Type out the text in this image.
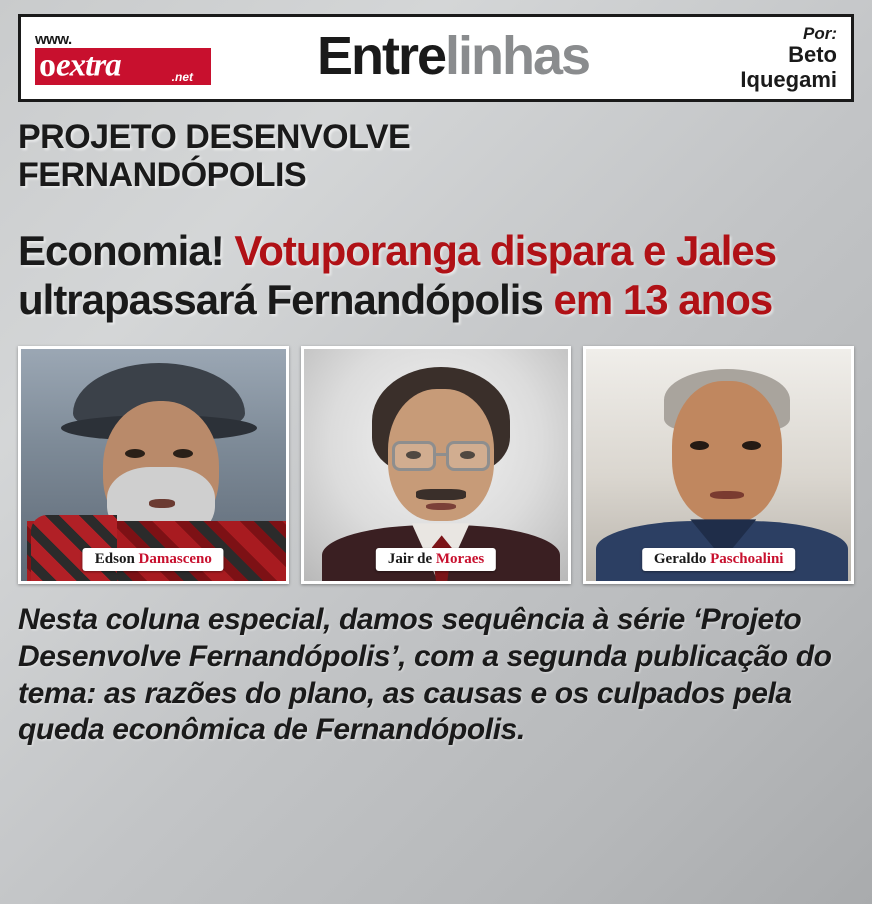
www.
oextra	.net Entre linhas	Por:
Beto
Iquegami
PROJETO DESENVOLVE
FERNANDÓPOLIS
Economia! Votuporanga dispara e Jales ultrapassará Fernandópolis em 13 anos
Edson Damasceno	Jair de Moraes	Geraldo Paschoalini
Nesta coluna especial, damos sequência à série ‘Projeto Desenvolve Fernandópolis’, com a segunda publicação do tema: as razões do plano, as causas e os culpados pela queda econômica de Fernandópolis.
